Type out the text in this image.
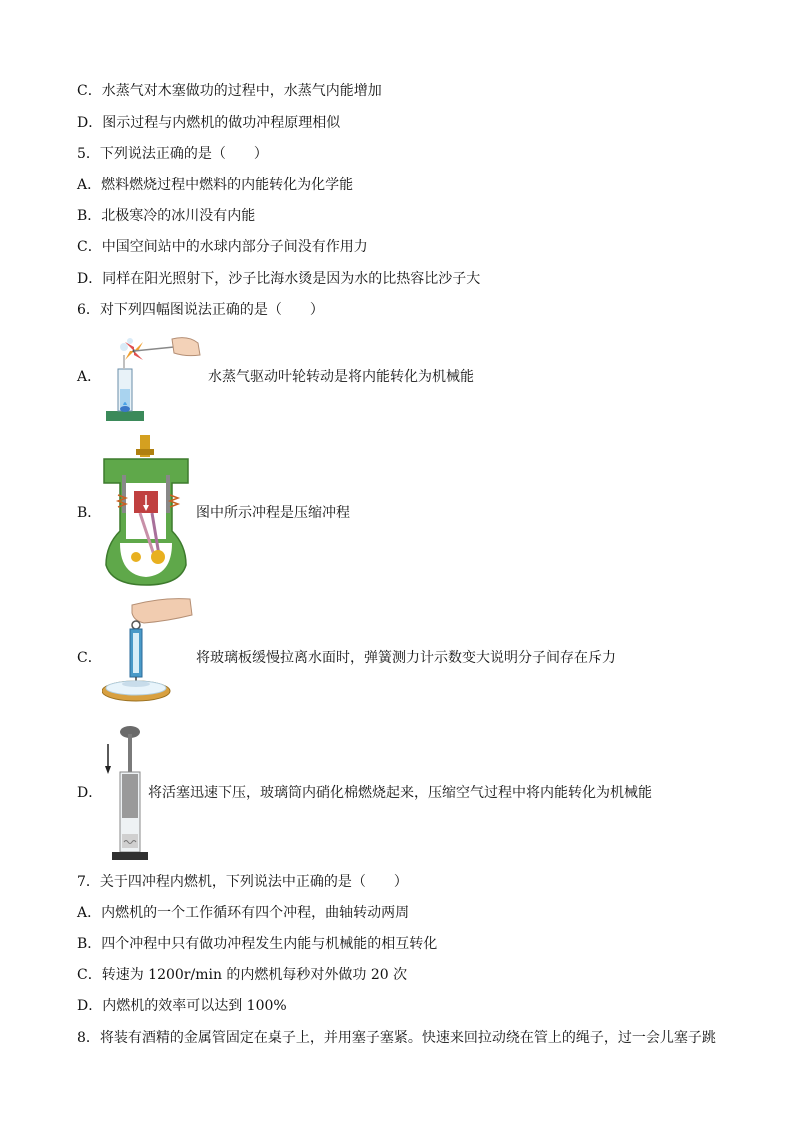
C．水蒸气对木塞做功的过程中，水蒸气内能增加
D．图示过程与内燃机的做功冲程原理相似
5．下列说法正确的是（　　）
A．燃料燃烧过程中燃料的内能转化为化学能
B．北极寒冷的冰川没有内能
C．中国空间站中的水球内部分子间没有作用力
D．同样在阳光照射下，沙子比海水烫是因为水的比热容比沙子大
6．对下列四幅图说法正确的是（　　）
A．	水蒸气驱动叶轮转动是将内能转化为机械能
B．	图中所示冲程是压缩冲程
C．	将玻璃板缓慢拉离水面时，弹簧测力计示数变大说明分子间存在斥力
D．	将活塞迅速下压，玻璃筒内硝化棉燃烧起来，压缩空气过程中将内能转化为机械能
7．关于四冲程内燃机，下列说法中正确的是（　　）
A．内燃机的一个工作循环有四个冲程，曲轴转动两周
B．四个冲程中只有做功冲程发生内能与机械能的相互转化
C．转速为 1200r/min 的内燃机每秒对外做功 20 次
D．内燃机的效率可以达到 100%
8．将装有酒精的金属管固定在桌子上，并用塞子塞紧。快速来回拉动绕在管上的绳子，过一会儿塞子跳
